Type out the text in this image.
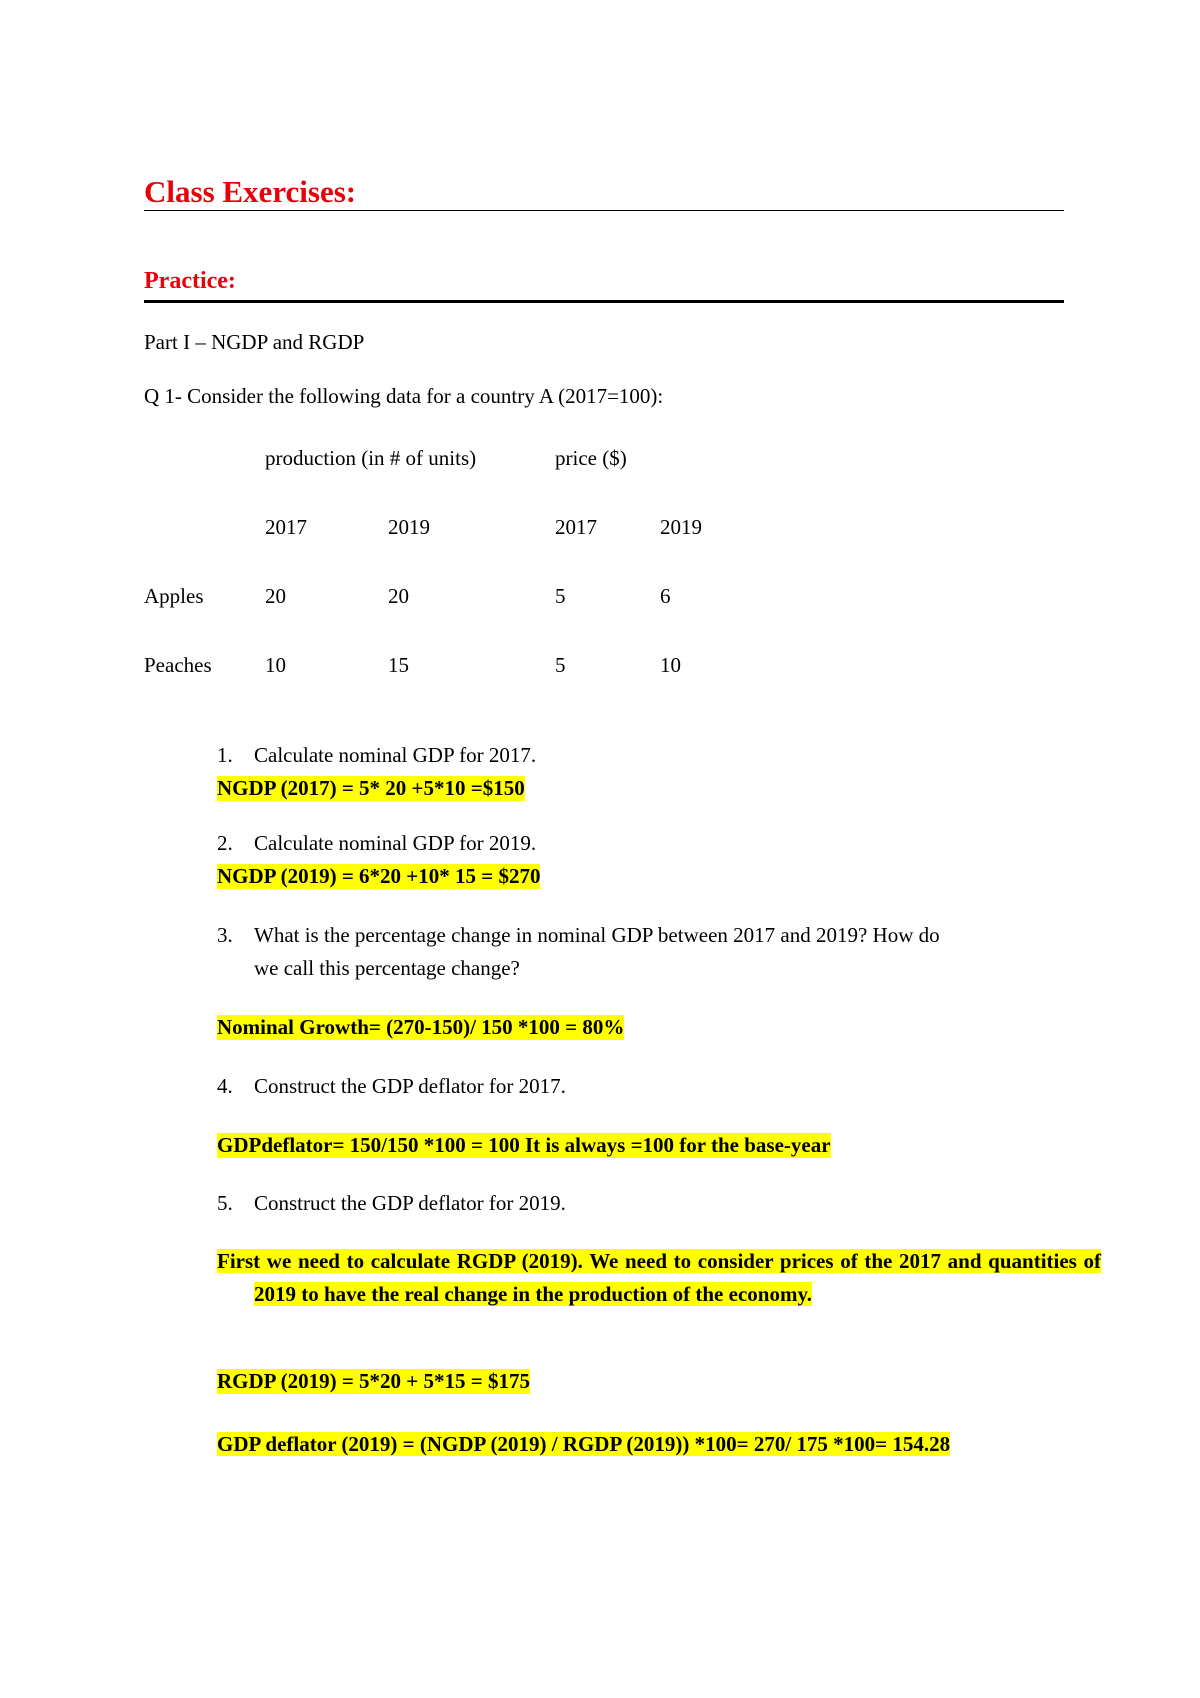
Class Exercises:
Practice:
Part I – NGDP and RGDP
Q 1- Consider the following data for a country A (2017=100):
production (in # of units)	price ($)
2017	2019	2017	2019
Apples	20	20	5	6
Peaches	10	15	5	10
1. Calculate nominal GDP for 2017.
NGDP (2017) = 5* 20 +5*10 =$150
2. Calculate nominal GDP for 2019.
NGDP (2019) = 6*20 +10* 15 = $270
3. What is the percentage change in nominal GDP between 2017 and 2019? How do
we call this percentage change?
Nominal Growth= (270-150)/ 150 *100 = 80%
4. Construct the GDP deflator for 2017.
GDPdeflator= 150/150 *100 = 100 It is always =100 for the base-year
5. Construct the GDP deflator for 2019.
First we need to calculate RGDP (2019). We need to consider prices of the 2017 and quantities of 2019 to have the real change in the production of the economy.
RGDP (2019) = 5*20 + 5*15 = $175
GDP deflator (2019) = (NGDP (2019) / RGDP (2019)) *100= 270/ 175 *100= 154.28
